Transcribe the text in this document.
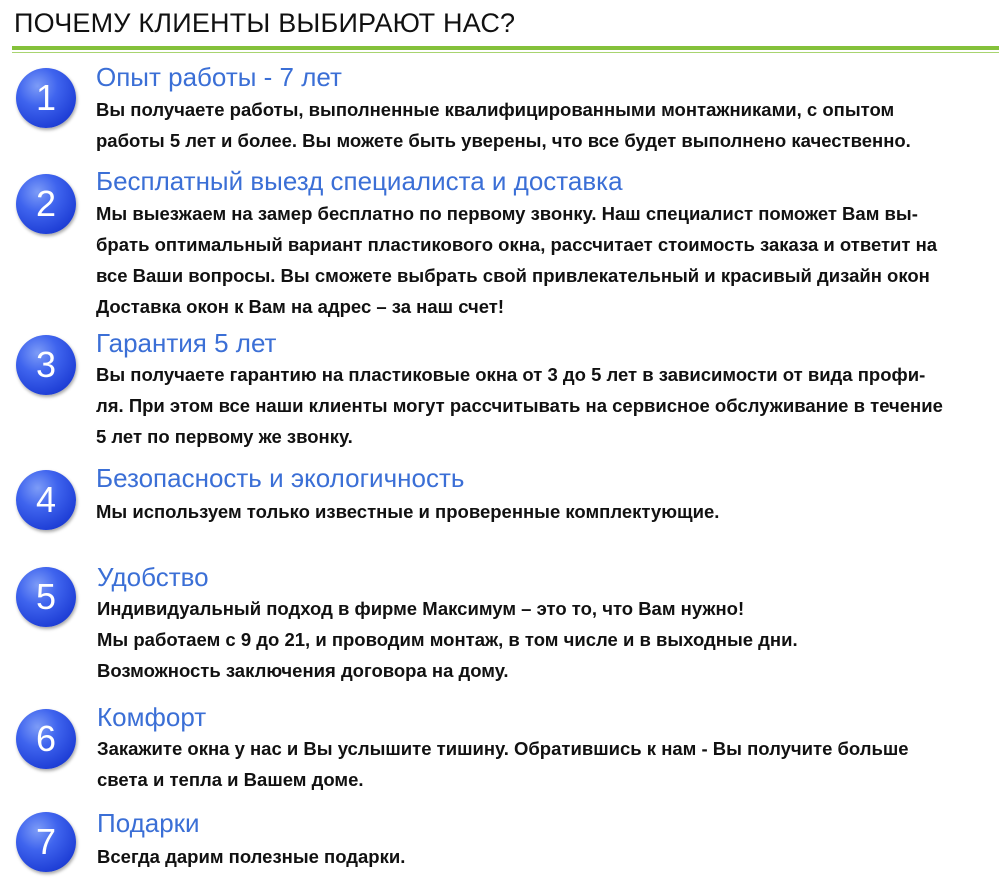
ПОЧЕМУ КЛИЕНТЫ ВЫБИРАЮТ НАС?
1	Опыт работы - 7 лет
Вы получаете работы, выполненные квалифицированными монтажниками, с опытом
работы 5 лет и более. Вы можете быть уверены, что все будет выполнено качественно.
2
Бесплатный выезд специалиста и доставка
Мы выезжаем на замер бесплатно по первому звонку. Наш специалист поможет Вам вы-
брать оптимальный вариант пластикового окна, рассчитает стоимость заказа и ответит на
все Ваши вопросы. Вы сможете выбрать свой привлекательный и красивый дизайн окон
Доставка окон к Вам на адрес – за наш счет!
3
Гарантия 5 лет
Вы получаете гарантию на пластиковые окна от 3 до 5 лет в зависимости от вида профи-
ля. При этом все наши клиенты могут рассчитывать на сервисное обслуживание в течение
5 лет по первому же звонку.
4
Безопасность и экологичность
Мы используем только известные и проверенные комплектующие.
5	Удобство
Индивидуальный подход в фирме Максимум – это то, что Вам нужно!
Мы работаем с 9 до 21, и проводим монтаж, в том числе и в выходные дни.
Возможность заключения договора на дому.
6
Комфорт
Закажите окна у нас и Вы услышите тишину. Обратившись к нам - Вы получите больше
света и тепла и Вашем доме.
7	Подарки
Всегда дарим полезные подарки.
